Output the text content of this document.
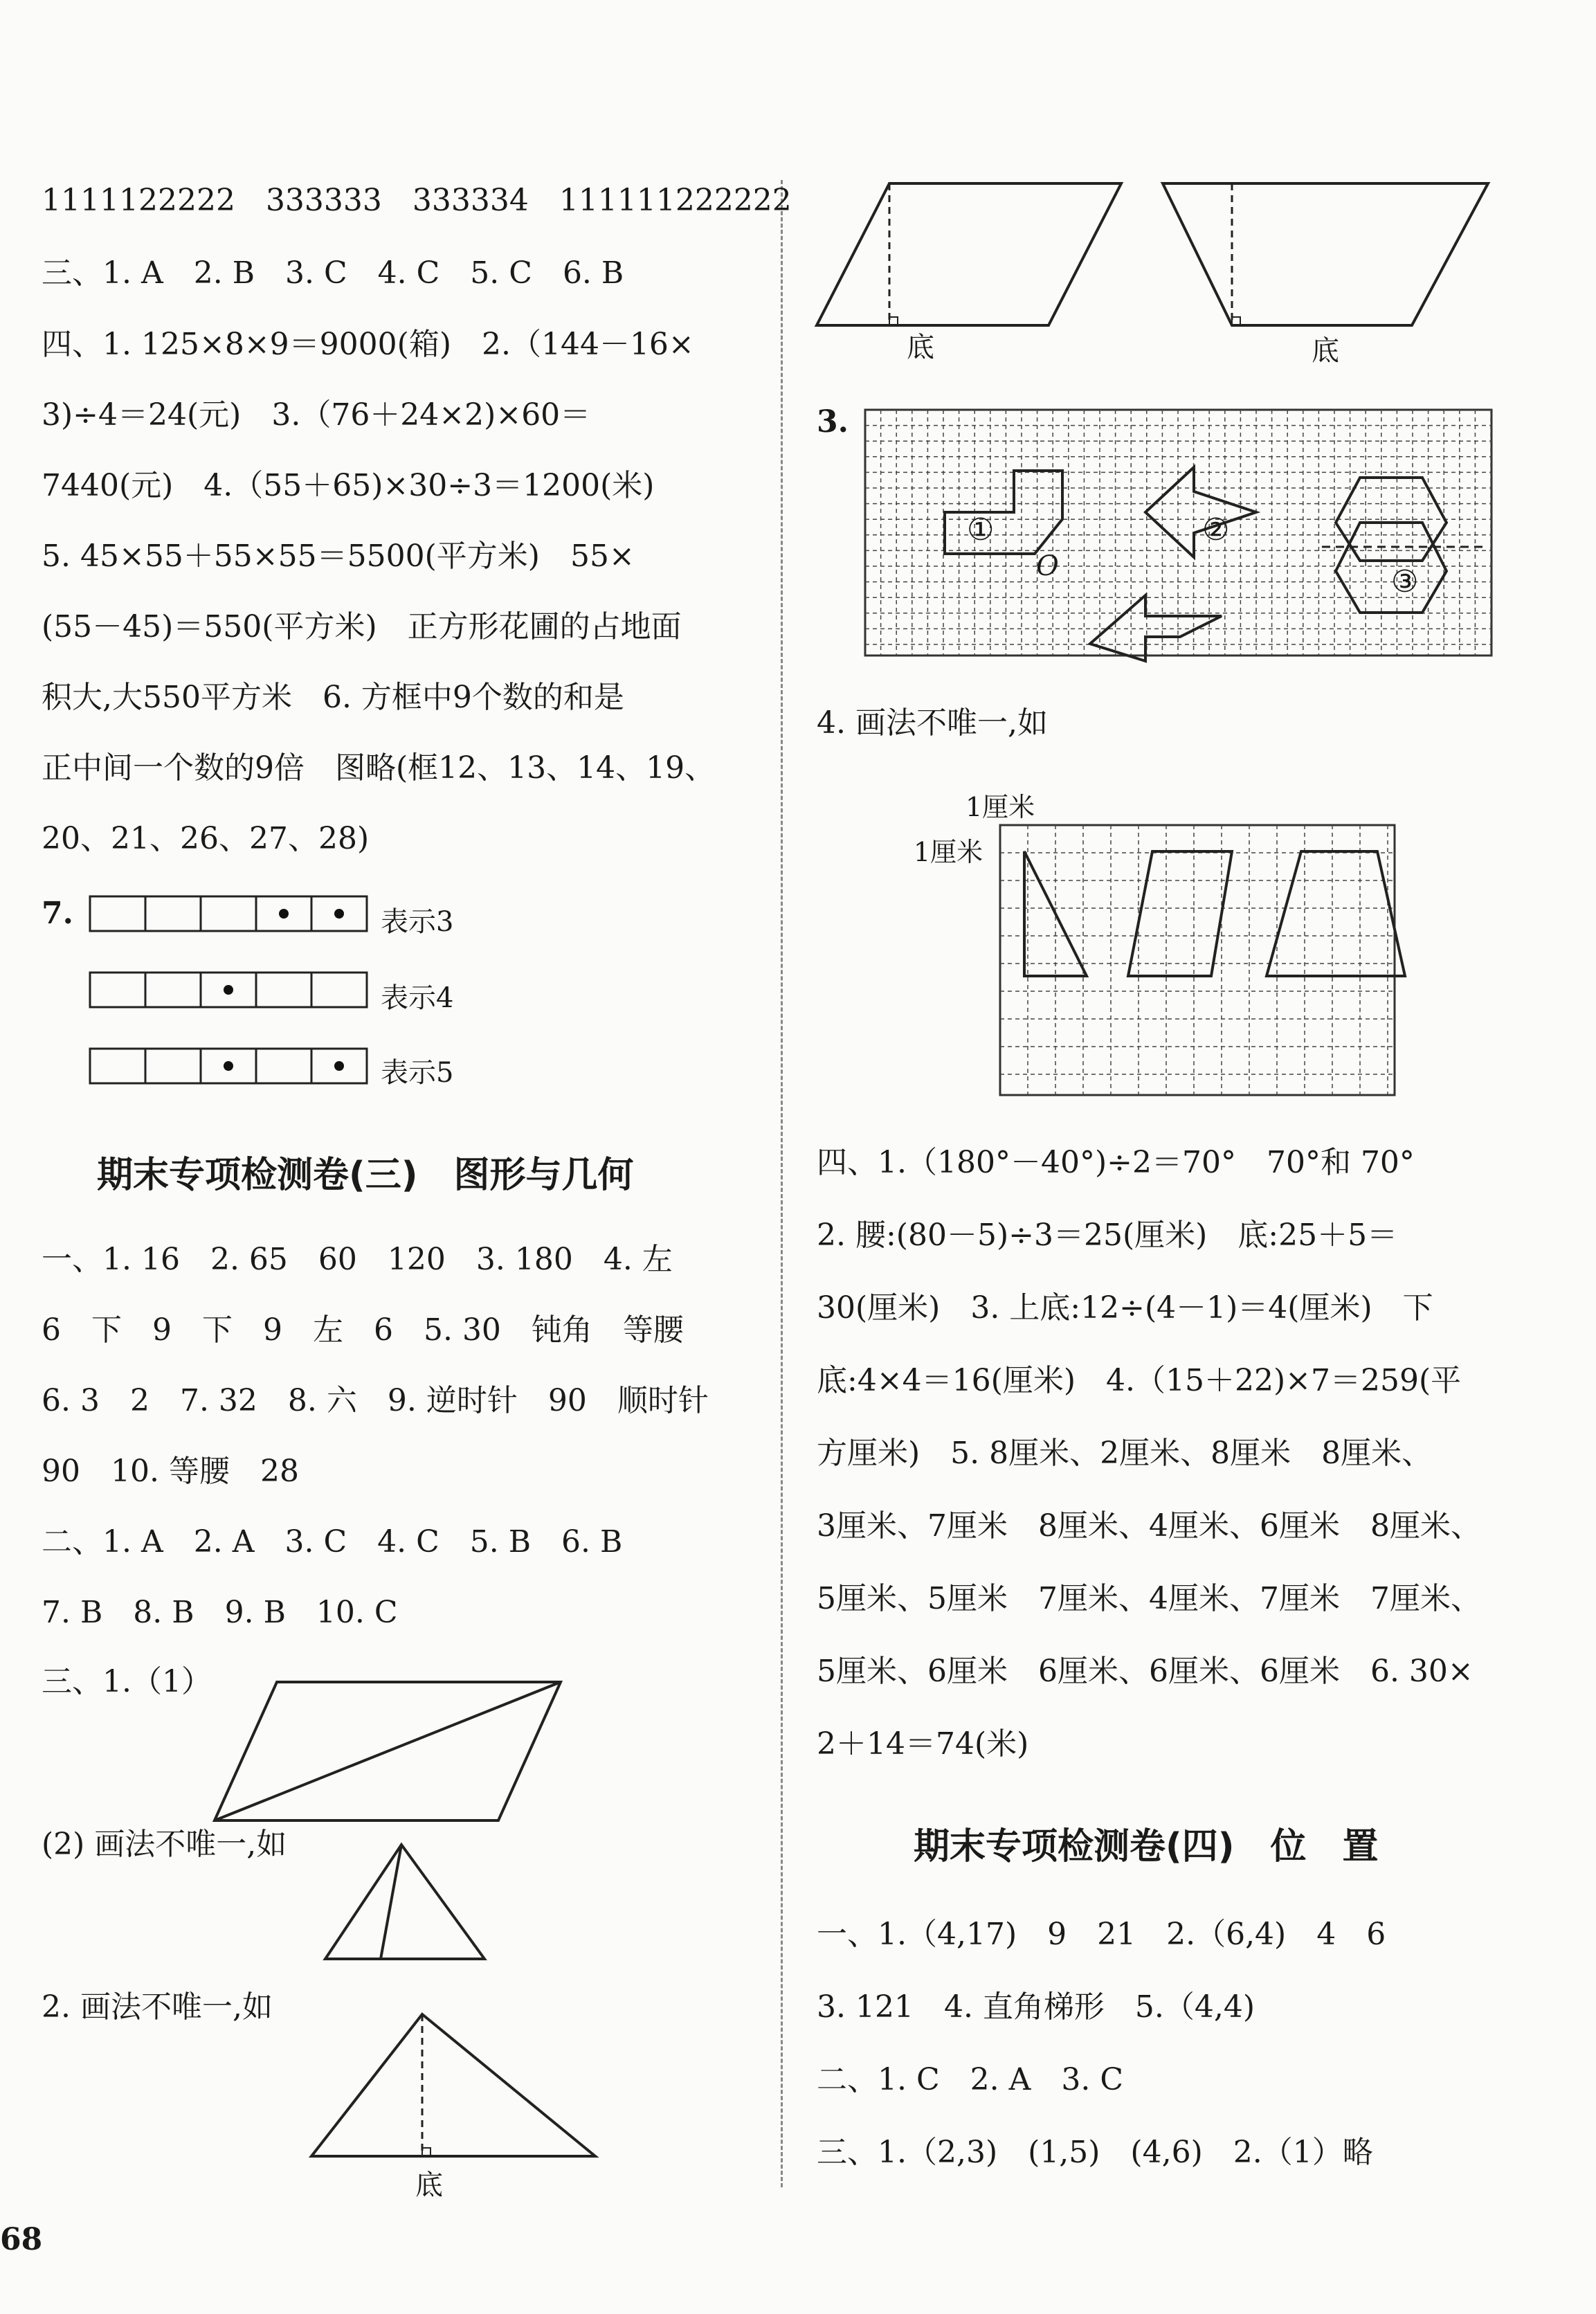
1111122222　333333　333334　111111222222
三、1. A　2. B　3. C　4. C　5. C　6. B
四、1. 125×8×9＝9000(箱)　2.（144－16×
3)÷4＝24(元)　3.（76＋24×2)×60＝
7440(元)　4.（55＋65)×30÷3＝1200(米)
5. 45×55＋55×55＝5500(平方米)　55×
(55－45)＝550(平方米)　正方形花圃的占地面
积大,大550平方米　6. 方框中9个数的和是
正中间一个数的9倍　图略(框12、13、14、19、
20、21、26、27、28)
7.	表示3
表示4
表示5
期末专项检测卷(三)　图形与几何
一、1. 16　2. 65　60　120　3. 180　4. 左
6　下　9　下　9　左　6　5. 30　钝角　等腰
6. 3　2　7. 32　8. 六　9. 逆时针　90　顺时针
90　10. 等腰　28
二、1. A　2. A　3. C　4. C　5. B　6. B
7. B　8. B　9. B　10. C
三、1.（1）
(2) 画法不唯一,如
2. 画法不唯一,如
底
68
底	底
3.
①	②
③
O
4. 画法不唯一,如
1厘米
1厘米
四、1.（180°－40°)÷2＝70°　70°和 70°
2. 腰:(80－5)÷3＝25(厘米)　底:25＋5＝
30(厘米)　3. 上底:12÷(4－1)＝4(厘米)　下
底:4×4＝16(厘米)　4.（15＋22)×7＝259(平
方厘米)　5. 8厘米、2厘米、8厘米　8厘米、
3厘米、7厘米　8厘米、4厘米、6厘米　8厘米、
5厘米、5厘米　7厘米、4厘米、7厘米　7厘米、
5厘米、6厘米　6厘米、6厘米、6厘米　6. 30×
2＋14＝74(米)
期末专项检测卷(四)　位　置
一、1.（4,17)　9　21　2.（6,4)　4　6
3. 121　4. 直角梯形　5.（4,4)
二、1. C　2. A　3. C
三、1.（2,3)　(1,5)　(4,6)　2.（1）略
